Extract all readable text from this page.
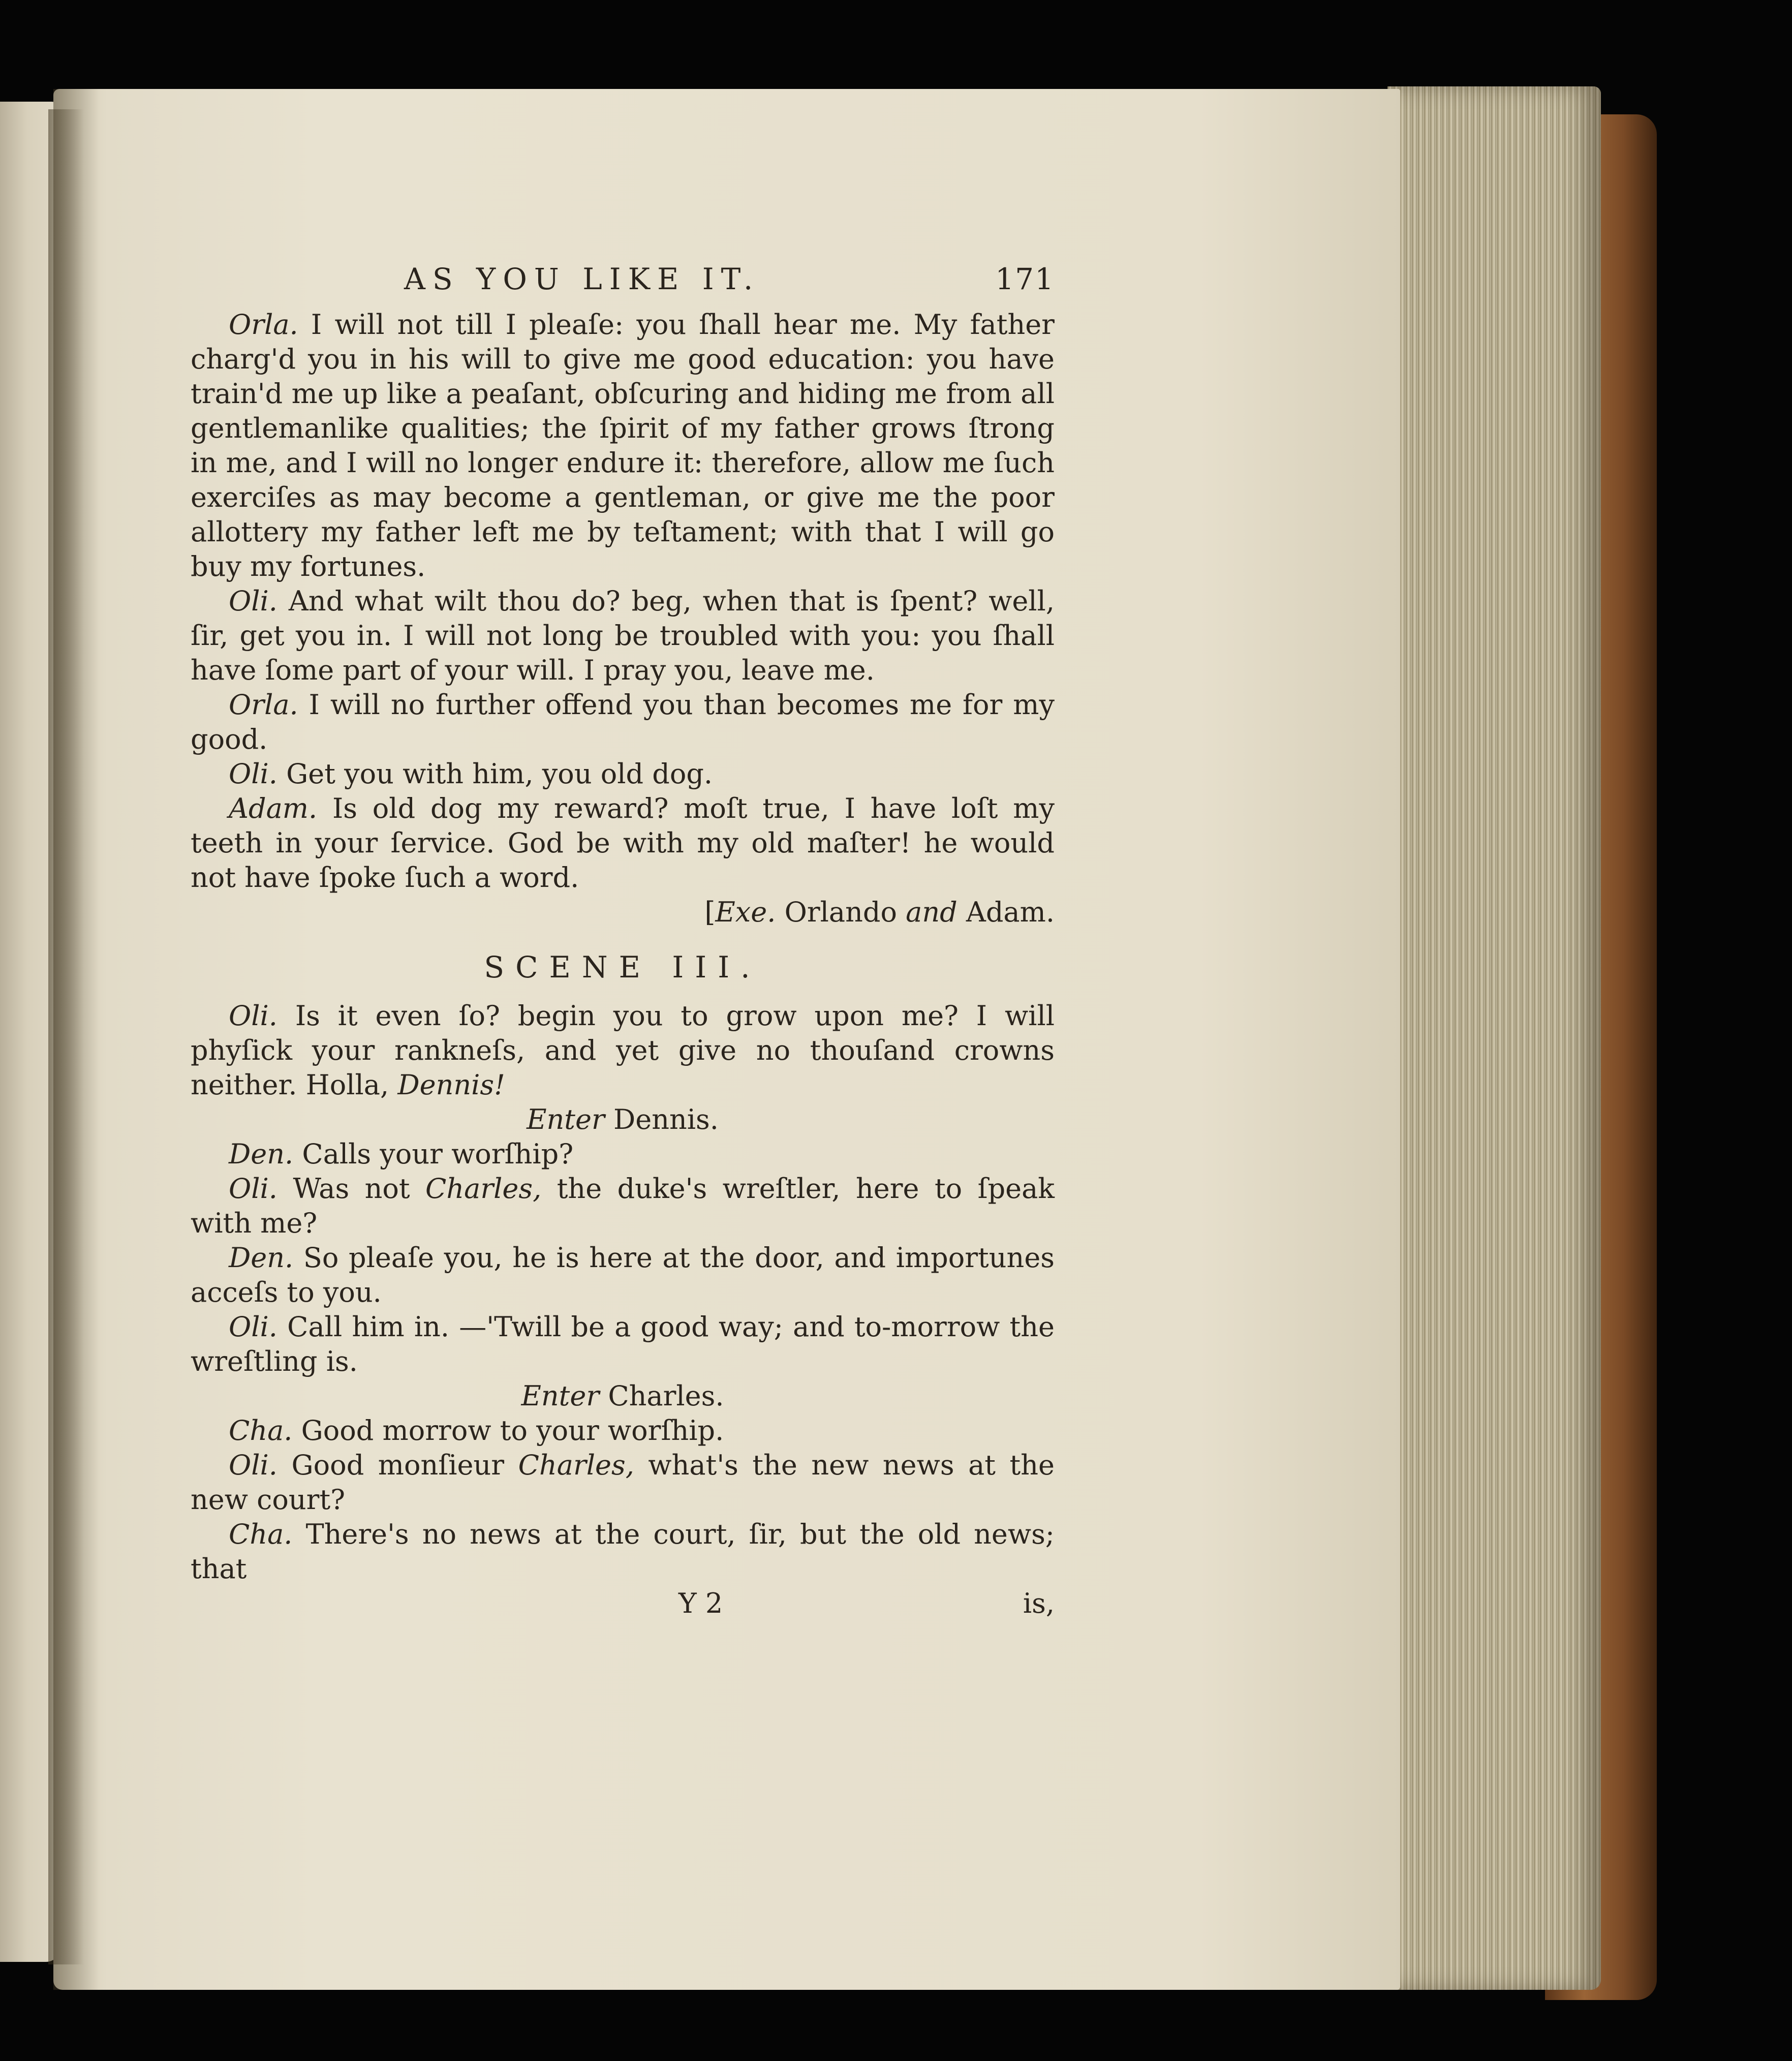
AS YOU LIKE IT.	171

Orla. I will not till I pleaſe: you ſhall hear me. My father charg'd you in his will to give me good education: you have train'd me up like a peaſant, obſcuring and hiding me from all gentlemanlike qualities; the ſpirit of my father grows ſtrong in me, and I will no longer endure it: therefore, allow me ſuch exerciſes as may become a gentleman, or give me the poor allottery my father left me by teſtament; with that I will go buy my fortunes.

Oli. And what wilt thou do? beg, when that is ſpent? well, ſir, get you in. I will not long be troubled with you: you ſhall have ſome part of your will. I pray you, leave me.

Orla. I will no further offend you than becomes me for my good.

Oli. Get you with him, you old dog.

Adam. Is old dog my reward? moſt true, I have loſt my teeth in your ſervice. God be with my old maſter! he would not have ſpoke ſuch a word.
[Exe. Orlando and Adam.

SCENE III.

Oli. Is it even ſo? begin you to grow upon me? I will phyſick your rankneſs, and yet give no thouſand crowns neither. Holla, Dennis!

Enter Dennis.

Den. Calls your worſhip?

Oli. Was not Charles, the duke's wreſtler, here to ſpeak with me?

Den. So pleaſe you, he is here at the door, and importunes acceſs to you.

Oli. Call him in. —'Twill be a good way; and to-morrow the wreſtling is.

Enter Charles.

Cha. Good morrow to your worſhip.

Oli. Good monſieur Charles, what's the new news at the new court?

Cha. There's no news at the court, ſir, but the old news; that

Y 2	is,
